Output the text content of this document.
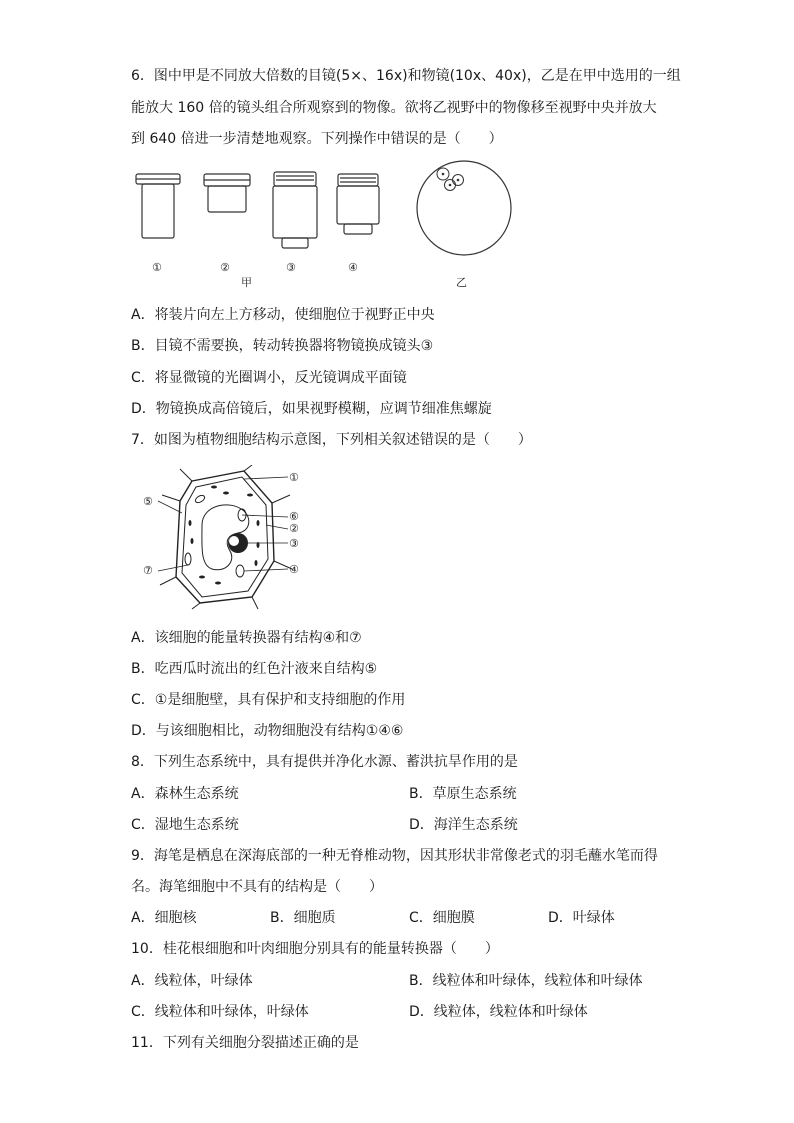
6．图中甲是不同放大倍数的目镜(5×、16x)和物镜(10x、40x)，乙是在甲中选用的一组
能放大 160 倍的镜头组合所观察到的物像。欲将乙视野中的物像移至视野中央并放大
到 640 倍进一步清楚地观察。下列操作中错误的是（　　）
①	②	③	④
甲	乙
A．将装片向左上方移动，使细胞位于视野正中央
B．目镜不需要换，转动转换器将物镜换成镜头③
C．将显微镜的光圈调小，反光镜调成平面镜
D．物镜换成高倍镜后，如果视野模糊，应调节细准焦螺旋
7．如图为植物细胞结构示意图，下列相关叙述错误的是（　　）
①
②
③
④
⑤
⑥
⑦
A．该细胞的能量转换器有结构④和⑦
B．吃西瓜时流出的红色汁液来自结构⑤
C．①是细胞壁，具有保护和支持细胞的作用
D．与该细胞相比，动物细胞没有结构①④⑥
8．下列生态系统中，具有提供并净化水源、蓄洪抗旱作用的是
A．森林生态系统	B．草原生态系统
C．湿地生态系统	D．海洋生态系统
9．海笔是栖息在深海底部的一种无脊椎动物，因其形状非常像老式的羽毛蘸水笔而得
名。海笔细胞中不具有的结构是（　　）
A．细胞核	B．细胞质	C．细胞膜	D．叶绿体
10．桂花根细胞和叶肉细胞分别具有的能量转换器（　　）
A．线粒体，叶绿体	B．线粒体和叶绿体，线粒体和叶绿体
C．线粒体和叶绿体，叶绿体	D．线粒体，线粒体和叶绿体
11．下列有关细胞分裂描述正确的是
